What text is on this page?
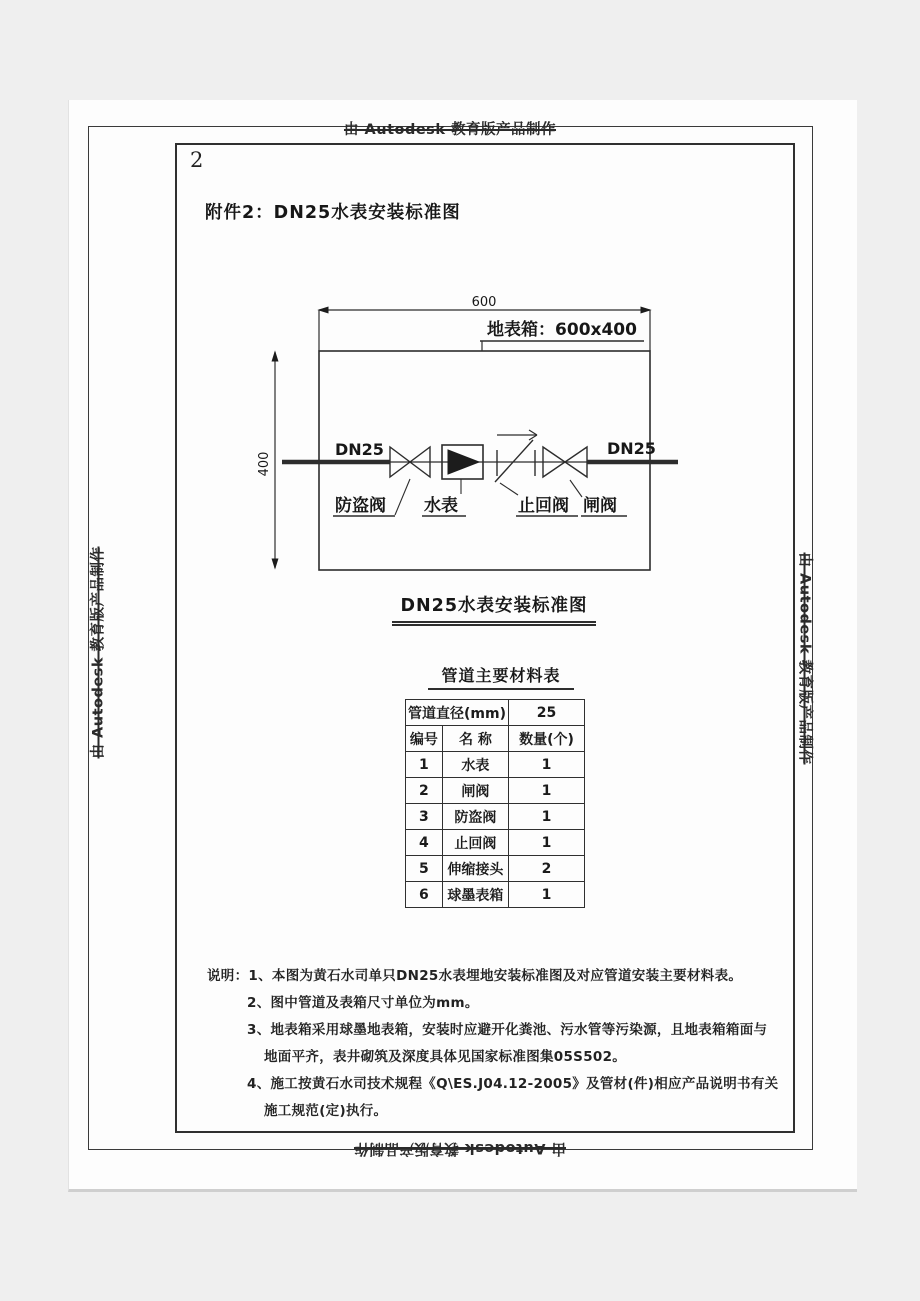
由 Autodesk 教育版产品制作
由 Autodesk 教育版产品制作
由 Autodesk 教育版产品制作	由 Autodesk 教育版产品制作
2
附件2：DN25水表安装标准图
600
地表箱：600x400
400
DN25	DN25
防盗阀 水表	止回阀 闸阀
DN25水表安装标准图
管道主要材料表
管道直径(mm)		25
编号	名 称	数量(个)
1	水表	1
2	闸阀	1
3	防盗阀	1
4	止回阀	1
5	伸缩接头	2
6	球墨表箱	1
说明：1、本图为黄石水司单只DN25水表埋地安装标准图及对应管道安装主要材料表。
2、图中管道及表箱尺寸单位为mm。
3、地表箱采用球墨地表箱，安装时应避开化粪池、污水管等污染源，且地表箱箱面与
地面平齐，表井砌筑及深度具体见国家标准图集05S502。
4、施工按黄石水司技术规程《Q\ES.J04.12-2005》及管材(件)相应产品说明书有关
施工规范(定)执行。
